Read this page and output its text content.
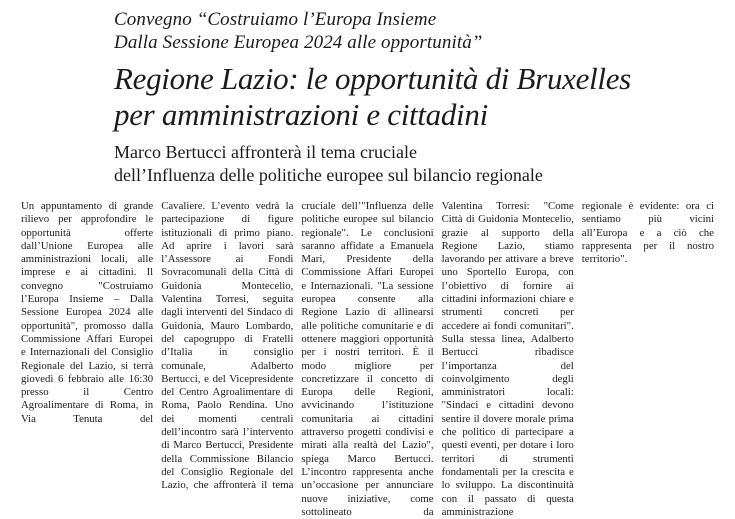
Convegno “Costruiamo l’Europa Insieme
Dalla Sessione Europea 2024 alle opportunità”
Regione Lazio: le opportunità di Bruxelles
per amministrazioni e cittadini
Marco Bertucci affronterà il tema cruciale
dell’Influenza delle politiche europee sul bilancio regionale
Un appuntamento di grande rilievo per approfondire le opportunità offerte dall’Unione Europea alle amministrazioni locali, alle imprese e ai cittadini. Il convegno "Costruiamo l’Europa Insieme – Dalla Sessione Europea 2024 alle opportunità", promosso dalla Commissione Affari Europei e Internazionali del Consiglio Regionale del Lazio, si terrà giovedì 6 febbraio alle 16:30 presso il Centro Agroalimentare di Roma, in Via Tenuta del
Cavaliere. L’evento vedrà la partecipazione di figure istituzionali di primo piano. Ad aprire i lavori sarà l’Assessore ai Fondi Sovracomunali della Città di Guidonia Montecelio, Valentina Torresi, seguita dagli interventi del Sindaco di Guidonia, Mauro Lombardo, del capogruppo di Fratelli d’Italia in consiglio comunale, Adalberto Bertucci, e del Vicepresidente del Centro Agroalimentare di Roma, Paolo Rendina. Uno dei momenti centrali dell’incontro sarà l’intervento di Marco Bertucci, Presidente della Commissione Bilancio del Consiglio Regionale del Lazio, che affronterà il tema
cruciale dell’"Influenza delle politiche europee sul bilancio regionale". Le conclusioni saranno affidate a Emanuela Mari, Presidente della Commissione Affari Europei e Internazionali. "La sessione europea consente alla Regione Lazio di allinearsi alle politiche comunitarie e di ottenere maggiori opportunità per i nostri territori. È il modo migliore per concretizzare il concetto di Europa delle Regioni, avvicinando l’istituzione comunitaria ai cittadini attraverso progetti condivisi e mirati alla realtà del Lazio", spiega Marco Bertucci. L’incontro rappresenta anche un’occasione per annunciare nuove iniziative, come sottolineato da
Valentina Torresi: "Come Città di Guidonia Montecelio, grazie al supporto della Regione Lazio, stiamo lavorando per attivare a breve uno Sportello Europa, con l’obiettivo di fornire ai cittadini informazioni chiare e strumenti concreti per accedere ai fondi comunitari". Sulla stessa linea, Adalberto Bertucci ribadisce l’importanza del coinvolgimento degli amministratori locali: "Sindaci e cittadini devono sentire il dovere morale prima che politico di partecipare a questi eventi, per dotare i loro territori di strumenti fondamentali per la crescita e lo sviluppo. La discontinuità con il passato di questa amministrazione
regionale è evidente: ora ci sentiamo più vicini all’Europa e a ciò che rappresenta per il nostro territorio".
